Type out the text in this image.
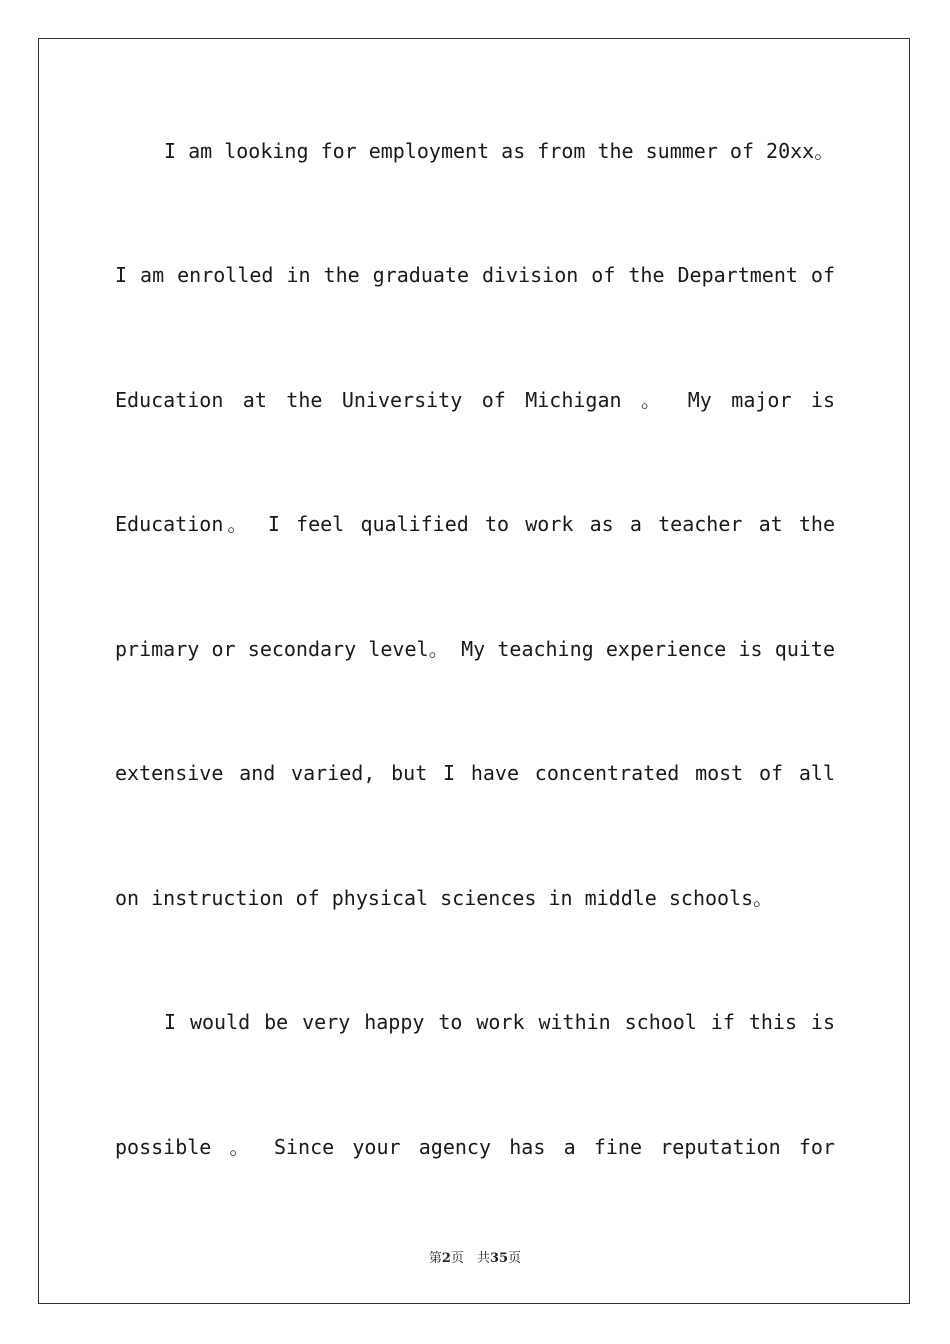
I am looking for employment as from the summer of 20xx。
I am enrolled in the graduate division of the Department of
Education at the University of Michigan 。 My major is
Education。 I feel qualified to work as a teacher at the
primary or secondary level。 My teaching experience is quite
extensive and varied, but I have concentrated most of all
on instruction of physical sciences in middle schools。
I would be very happy to work within school if this is
possible 。 Since your agency has a fine reputation for
第2页　共35页
